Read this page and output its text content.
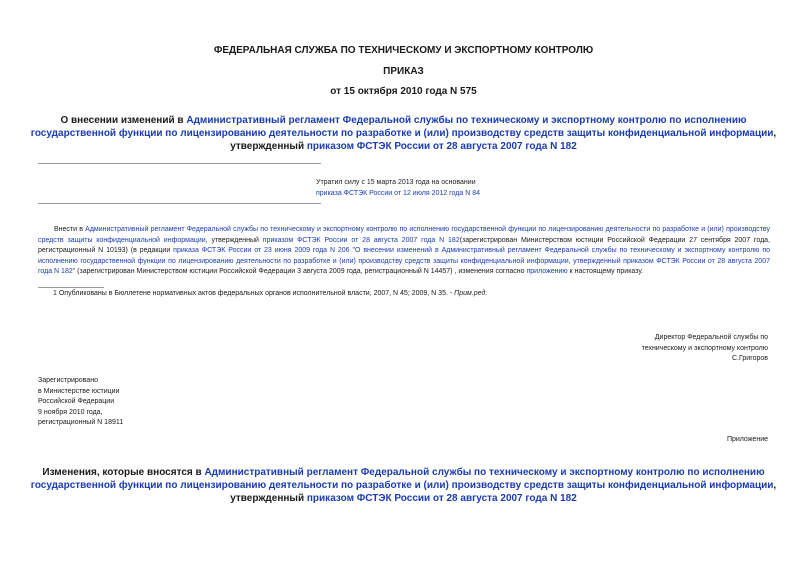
ФЕДЕРАЛЬНАЯ СЛУЖБА ПО ТЕХНИЧЕСКОМУ И ЭКСПОРТНОМУ КОНТРОЛЮ
ПРИКАЗ
от 15 октября 2010 года N 575
О внесении изменений в Административный регламент Федеральной службы по техническому и экспортному контролю по исполнению государственной функции по лицензированию деятельности по разработке и (или) производству средств защиты конфиденциальной информации, утвержденный приказом ФСТЭК России от 28 августа 2007 года N 182
Утратил силу с 15 марта 2013 года на основании
приказа ФСТЭК России от 12 июля 2012 года N 84
Внести в Административный регламент Федеральной службы по техническому и экспортному контролю по исполнению государственной функции по лицензированию деятельности по разработке и (или) производству средств защиты конфиденциальной информации, утвержденный приказом ФСТЭК России от 28 августа 2007 года N 182(зарегистрирован Министерством юстиции Российской Федерации 27 сентября 2007 года, регистрационный N 10193) (в редакции приказа ФСТЭК России от 23 июня 2009 года N 206 "О внесении изменений в Административный регламент Федеральной службы по техническому и экспортному контролю по исполнению государственной функции по лицензированию деятельности по разработке и (или) производству средств защиты конфиденциальной информации, утвержденный приказом ФСТЭК России от 28 августа 2007 года N 182" (зарегистрирован Министерством юстиции Российской Федерации 3 августа 2009 года, регистрационный N 14457) , изменения согласно приложению к настоящему приказу.
1 Опубликованы в Бюллетене нормативных актов федеральных органов исполнительной власти, 2007, N 45; 2009, N 35. - Прим.ред.
Директор Федеральной службы по
техническому и экспортному контролю
С.Григоров
Зарегистрировано
в Министерстве юстиции
Российской Федерации
9 ноября 2010 года,
регистрационный N 18911
Приложение
Изменения, которые вносятся в Административный регламент Федеральной службы по техническому и экспортному контролю по исполнению государственной функции по лицензированию деятельности по разработке и (или) производству средств защиты конфиденциальной информации, утвержденный приказом ФСТЭК России от 28 августа 2007 года N 182
